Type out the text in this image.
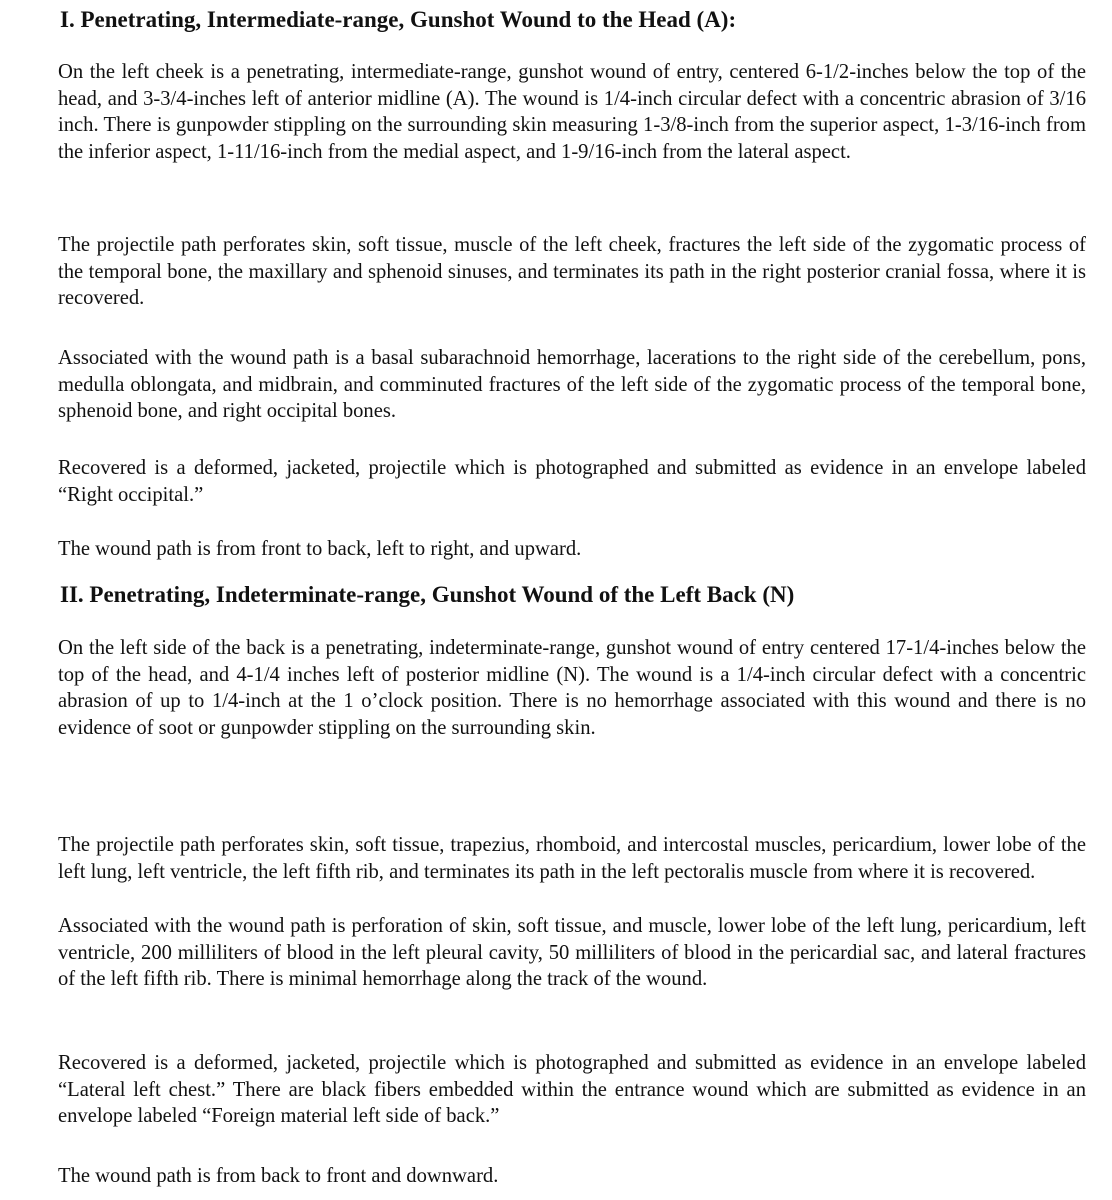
I. Penetrating, Intermediate-range, Gunshot Wound to the Head (A):

On the left cheek is a penetrating, intermediate-range, gunshot wound of entry, centered 6-1/2-inches below the top of the head, and 3-3/4-inches left of anterior midline (A). The wound is 1/4-inch circular defect with a concentric abrasion of 3/16 inch. There is gunpowder stippling on the surrounding skin measuring 1-3/8-inch from the superior aspect, 1-3/16-inch from the inferior aspect, 1-11/16-inch from the medial aspect, and 1-9/16-inch from the lateral aspect.

The projectile path perforates skin, soft tissue, muscle of the left cheek, fractures the left side of the zygomatic process of the temporal bone, the maxillary and sphenoid sinuses, and terminates its path in the right posterior cranial fossa, where it is recovered.

Associated with the wound path is a basal subarachnoid hemorrhage, lacerations to the right side of the cerebellum, pons, medulla oblongata, and midbrain, and comminuted fractures of the left side of the zygomatic process of the temporal bone, sphenoid bone, and right occipital bones.

Recovered is a deformed, jacketed, projectile which is photographed and submitted as evidence in an envelope labeled “Right occipital.”

The wound path is from front to back, left to right, and upward.

II. Penetrating, Indeterminate-range, Gunshot Wound of the Left Back (N)

On the left side of the back is a penetrating, indeterminate-range, gunshot wound of entry centered 17-1/4-inches below the top of the head, and 4-1/4 inches left of posterior midline (N). The wound is a 1/4-inch circular defect with a concentric abrasion of up to 1/4-inch at the 1 o’clock position. There is no hemorrhage associated with this wound and there is no evidence of soot or gunpowder stippling on the surrounding skin.

The projectile path perforates skin, soft tissue, trapezius, rhomboid, and intercostal muscles, pericardium, lower lobe of the left lung, left ventricle, the left fifth rib, and terminates its path in the left pectoralis muscle from where it is recovered.

Associated with the wound path is perforation of skin, soft tissue, and muscle, lower lobe of the left lung, pericardium, left ventricle, 200 milliliters of blood in the left pleural cavity, 50 milliliters of blood in the pericardial sac, and lateral fractures of the left fifth rib. There is minimal hemorrhage along the track of the wound.

Recovered is a deformed, jacketed, projectile which is photographed and submitted as evidence in an envelope labeled “Lateral left chest.” There are black fibers embedded within the entrance wound which are submitted as evidence in an envelope labeled “Foreign material left side of back.”

The wound path is from back to front and downward.
